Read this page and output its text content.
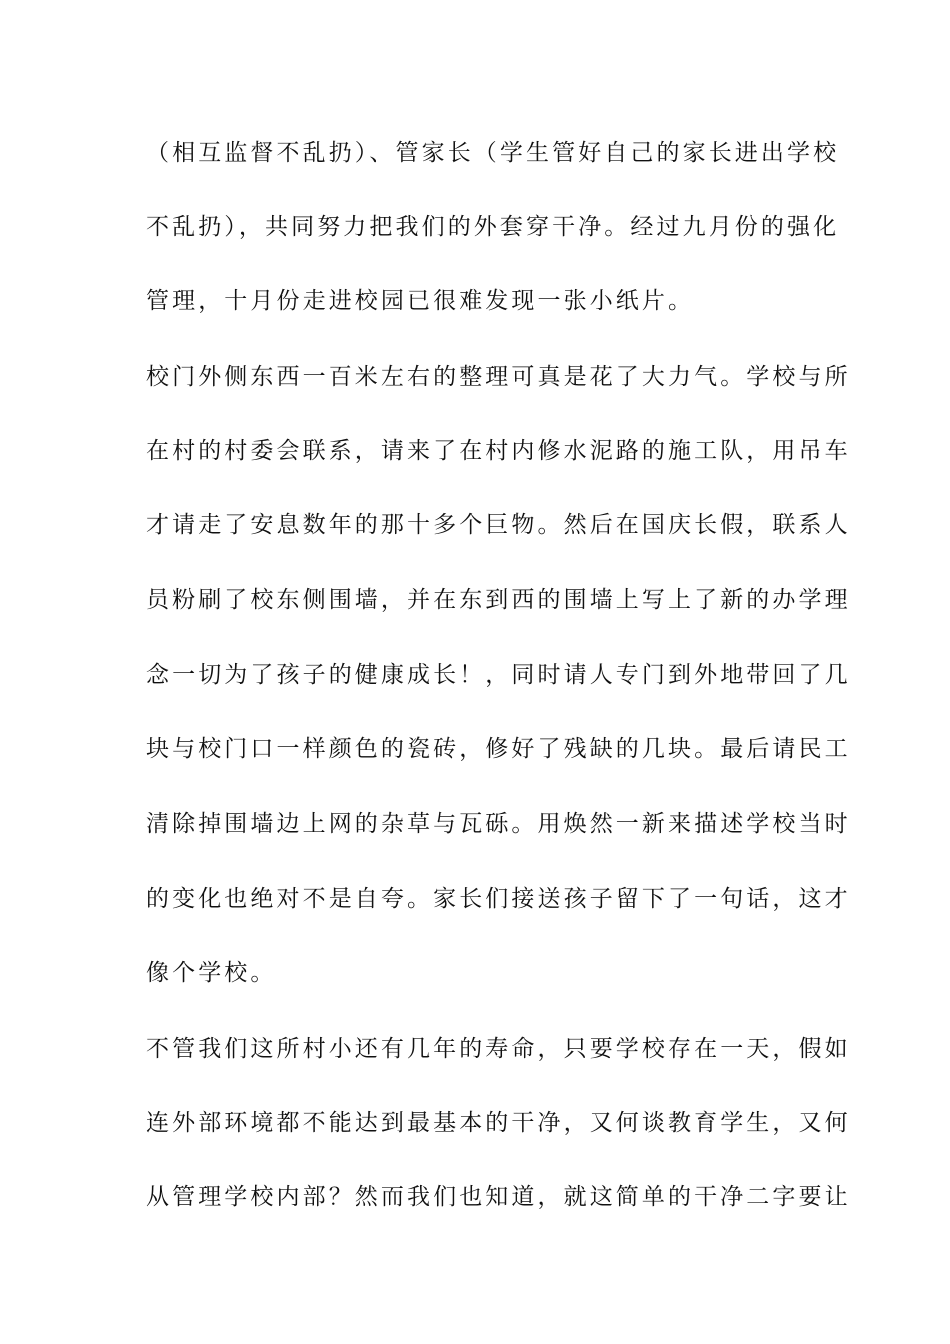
（相互监督不乱扔）、管家长（学生管好自己的家长进出学校
不乱扔），共同努力把我们的外套穿干净。经过九月份的强化
管理，十月份走进校园已很难发现一张小纸片。
校门外侧东西一百米左右的整理可真是花了大力气。学校与所
在村的村委会联系，请来了在村内修水泥路的施工队，用吊车
才请走了安息数年的那十多个巨物。然后在国庆长假，联系人
员粉刷了校东侧围墙，并在东到西的围墙上写上了新的办学理
念一切为了孩子的健康成长！，同时请人专门到外地带回了几
块与校门口一样颜色的瓷砖，修好了残缺的几块。最后请民工
清除掉围墙边上网的杂草与瓦砾。用焕然一新来描述学校当时
的变化也绝对不是自夸。家长们接送孩子留下了一句话，这才
像个学校。
不管我们这所村小还有几年的寿命，只要学校存在一天，假如
连外部环境都不能达到最基本的干净，又何谈教育学生，又何
从管理学校内部？然而我们也知道，就这简单的干净二字要让
